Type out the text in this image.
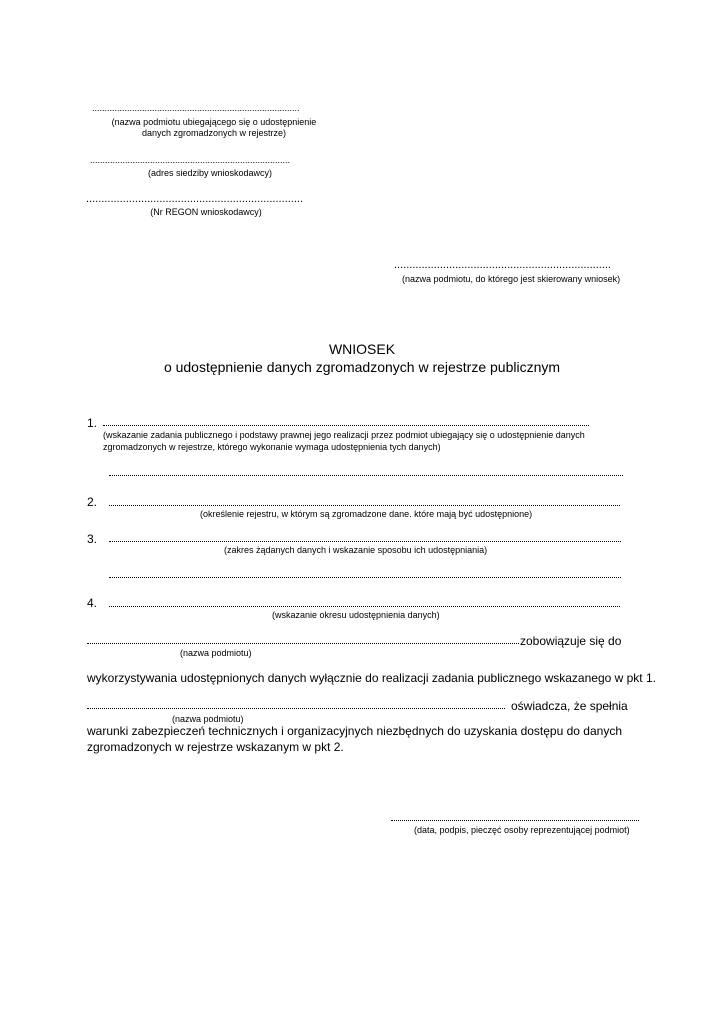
...................................................................................
(nazwa podmiotu ubiegającego się o udostępnienie
danych zgromadzonych w rejestrze)
................................................................................
(adres siedziby wnioskodawcy)
.......................................................................
(Nr REGON wnioskodawcy)
.......................................................................
(nazwa podmiotu, do którego jest skierowany wniosek)
WNIOSEK
o udostępnienie danych zgromadzonych w rejestrze publicznym
1.
(wskazanie zadania publicznego i podstawy prawnej jego realizacji przez podmiot ubiegający się o udostępnienie danych
zgromadzonych w rejestrze, którego wykonanie wymaga udostępnienia tych danych)
2.
(określenie rejestru, w którym są zgromadzone dane. które mają być udostępnione)
3.
(zakres żądanych danych i wskazanie sposobu ich udostępniania)
4.
(wskazanie okresu udostępnienia danych)
zobowiązuje się do
(nazwa podmiotu)
wykorzystywania udostępnionych danych wyłącznie do realizacji zadania publicznego wskazanego w pkt 1.
oświadcza, że spełnia
(nazwa podmiotu)
warunki zabezpieczeń technicznych i organizacyjnych niezbędnych do uzyskania dostępu do danych
zgromadzonych w rejestrze wskazanym w pkt 2.
(data, podpis, pieczęć osoby reprezentującej podmiot)
